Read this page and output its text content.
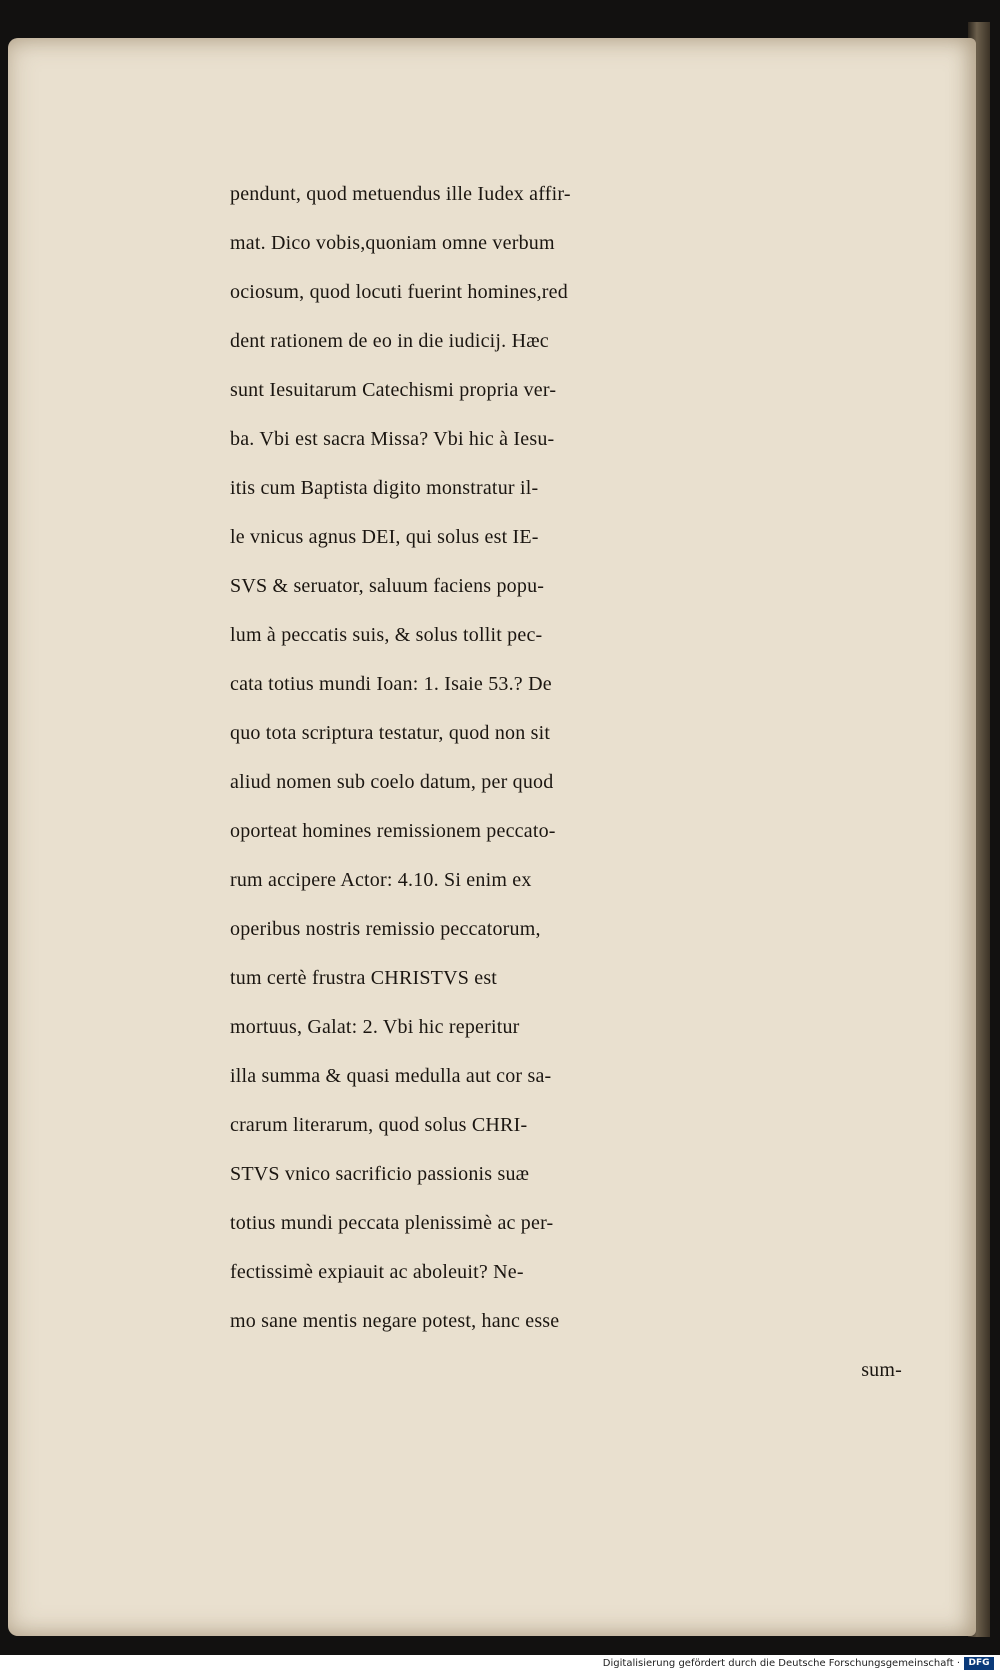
pendunt, quod metuendus ille Iudex affir-
mat. Dico vobis,quoniam omne verbum
ociosum, quod locuti fuerint homines,red
dent rationem de eo in die iudicij. Hæc
sunt Iesuitarum Catechismi propria ver-
ba. Vbi est sacra Missa? Vbi hic à Iesu-
itis cum Baptista digito monstratur il-
le vnicus agnus DEI, qui solus est IE-
SVS & seruator, saluum faciens popu-
lum à peccatis suis, & solus tollit pec-
cata totius mundi Ioan: 1. Isaie 53.? De
quo tota scriptura testatur, quod non sit
aliud nomen sub coelo datum, per quod
oporteat homines remissionem peccato-
rum accipere Actor: 4.10. Si enim ex
operibus nostris remissio peccatorum,
tum certè frustra CHRISTVS est
mortuus, Galat: 2. Vbi hic reperitur
illa summa & quasi medulla aut cor sa-
crarum literarum, quod solus CHRI-
STVS vnico sacrificio passionis suæ
totius mundi peccata plenissimè ac per-
fectissimè expiauit ac aboleuit? Ne-
mo sane mentis negare potest, hanc esse
sum-
Digitalisierung gefördert durch die Deutsche Forschungsgemeinschaft · DFG
